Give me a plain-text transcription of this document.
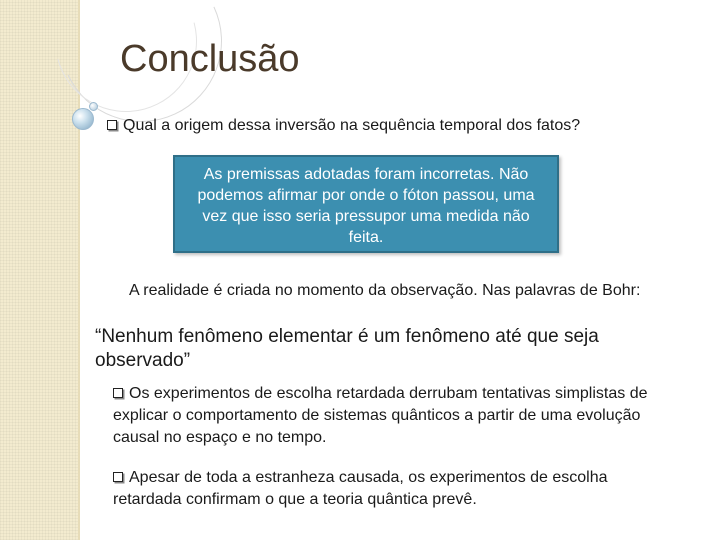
Conclusão
Qual a origem dessa inversão na sequência temporal dos fatos?
As premissas adotadas foram incorretas. Não podemos afirmar por onde o fóton passou, uma vez que isso seria pressupor uma medida não feita.
A realidade é criada no momento da observação. Nas palavras de Bohr:
“Nenhum fenômeno elementar é um fenômeno até que seja observado”
Os experimentos de escolha retardada derrubam tentativas simplistas de explicar o comportamento de sistemas quânticos a partir de uma evolução causal no espaço e no tempo.
Apesar de toda a estranheza causada, os experimentos de escolha retardada confirmam o que a teoria quântica prevê.
